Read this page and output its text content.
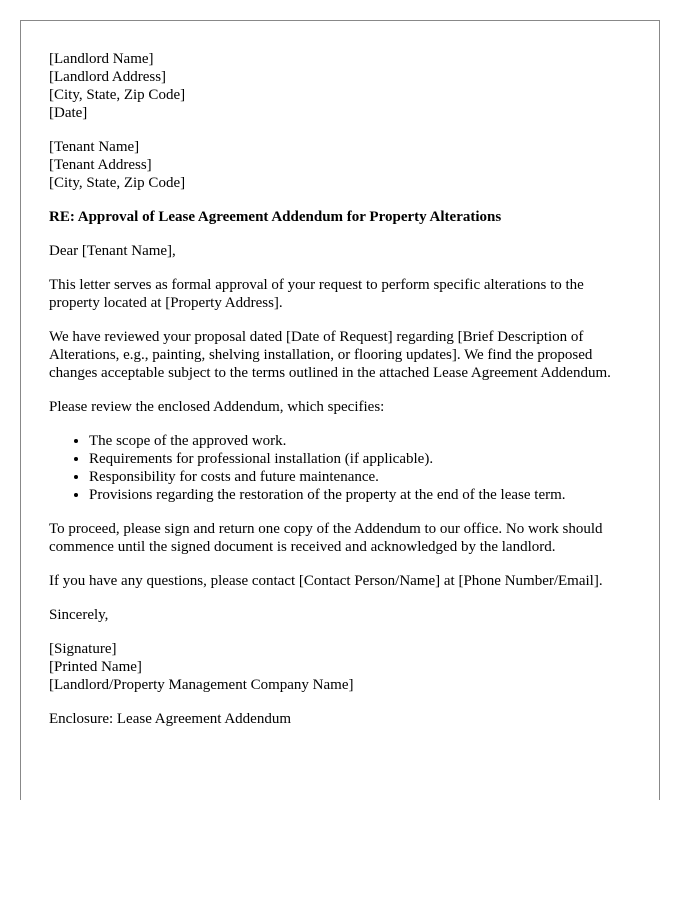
[Landlord Name]

[Landlord Address]

[City, State, Zip Code]

[Date]

[Tenant Name]

[Tenant Address]

[City, State, Zip Code]

RE: Approval of Lease Agreement Addendum for Property Alterations

Dear [Tenant Name],

This letter serves as formal approval of your request to perform specific alterations to the property located at [Property Address].

We have reviewed your proposal dated [Date of Request] regarding [Brief Description of Alterations, e.g., painting, shelving installation, or flooring updates]. We find the proposed changes acceptable subject to the terms outlined in the attached Lease Agreement Addendum.

Please review the enclosed Addendum, which specifies:

• The scope of the approved work.
• Requirements for professional installation (if applicable).
• Responsibility for costs and future maintenance.
• Provisions regarding the restoration of the property at the end of the lease term.

To proceed, please sign and return one copy of the Addendum to our office. No work should commence until the signed document is received and acknowledged by the landlord.

If you have any questions, please contact [Contact Person/Name] at [Phone Number/Email].

Sincerely,

[Signature]

[Printed Name]

[Landlord/Property Management Company Name]

Enclosure: Lease Agreement Addendum
